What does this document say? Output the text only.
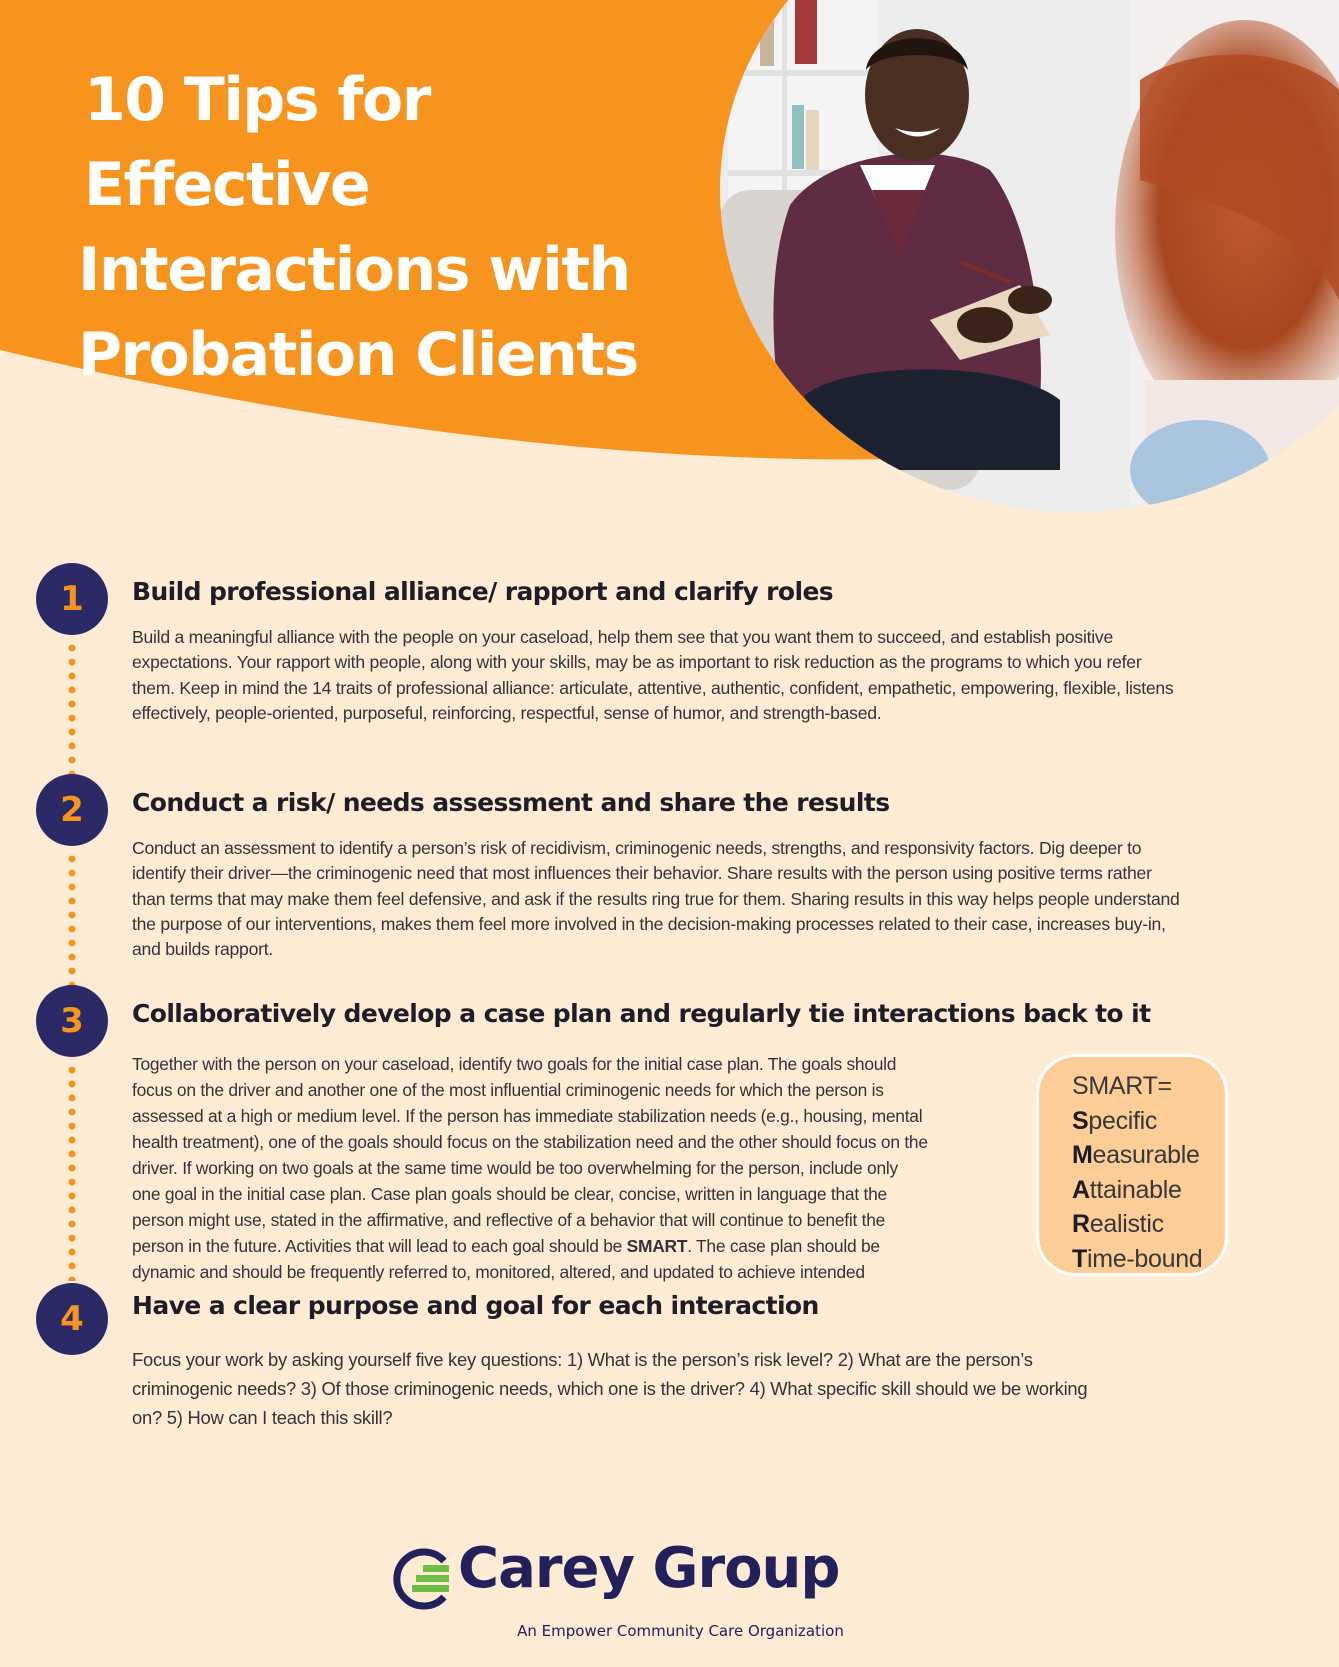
10 Tips for Effective
Interactions with
Probation Clients
1	Build professional alliance/ rapport and clarify roles
Build a meaningful alliance with the people on your caseload, help them see that you want them to succeed, and establish positive
expectations. Your rapport with people, along with your skills, may be as important to risk reduction as the programs to which you refer
them. Keep in mind the 14 traits of professional alliance: articulate, attentive, authentic, confident, empathetic, empowering, flexible, listens
effectively, people-oriented, purposeful, reinforcing, respectful, sense of humor, and strength-based.
2	Conduct a risk/ needs assessment and share the results
Conduct an assessment to identify a person’s risk of recidivism, criminogenic needs, strengths, and responsivity factors. Dig deeper to
identify their driver—the criminogenic need that most influences their behavior. Share results with the person using positive terms rather
than terms that may make them feel defensive, and ask if the results ring true for them. Sharing results in this way helps people understand
the purpose of our interventions, makes them feel more involved in the decision-making processes related to their case, increases buy-in,
and builds rapport.
3	Collaboratively develop a case plan and regularly tie interactions back to it
Together with the person on your caseload, identify two goals for the initial case plan. The goals should
focus on the driver and another one of the most influential criminogenic needs for which the person is
assessed at a high or medium level. If the person has immediate stabilization needs (e.g., housing, mental
health treatment), one of the goals should focus on the stabilization need and the other should focus on the
driver. If working on two goals at the same time would be too overwhelming for the person, include only
one goal in the initial case plan. Case plan goals should be clear, concise, written in language that the
person might use, stated in the affirmative, and reflective of a behavior that will continue to benefit the
person in the future. Activities that will lead to each goal should be SMART. The case plan should be
dynamic and should be frequently referred to, monitored, altered, and updated to achieve intended
SMART=
Specific
Measurable
Attainable
Realistic
Time-bound
4	Have a clear purpose and goal for each interaction
Focus your work by asking yourself five key questions: 1) What is the person’s risk level? 2) What are the person’s
criminogenic needs? 3) Of those criminogenic needs, which one is the driver? 4) What specific skill should we be working
on? 5) How can I teach this skill?
Carey Group
An Empower Community Care Organization
